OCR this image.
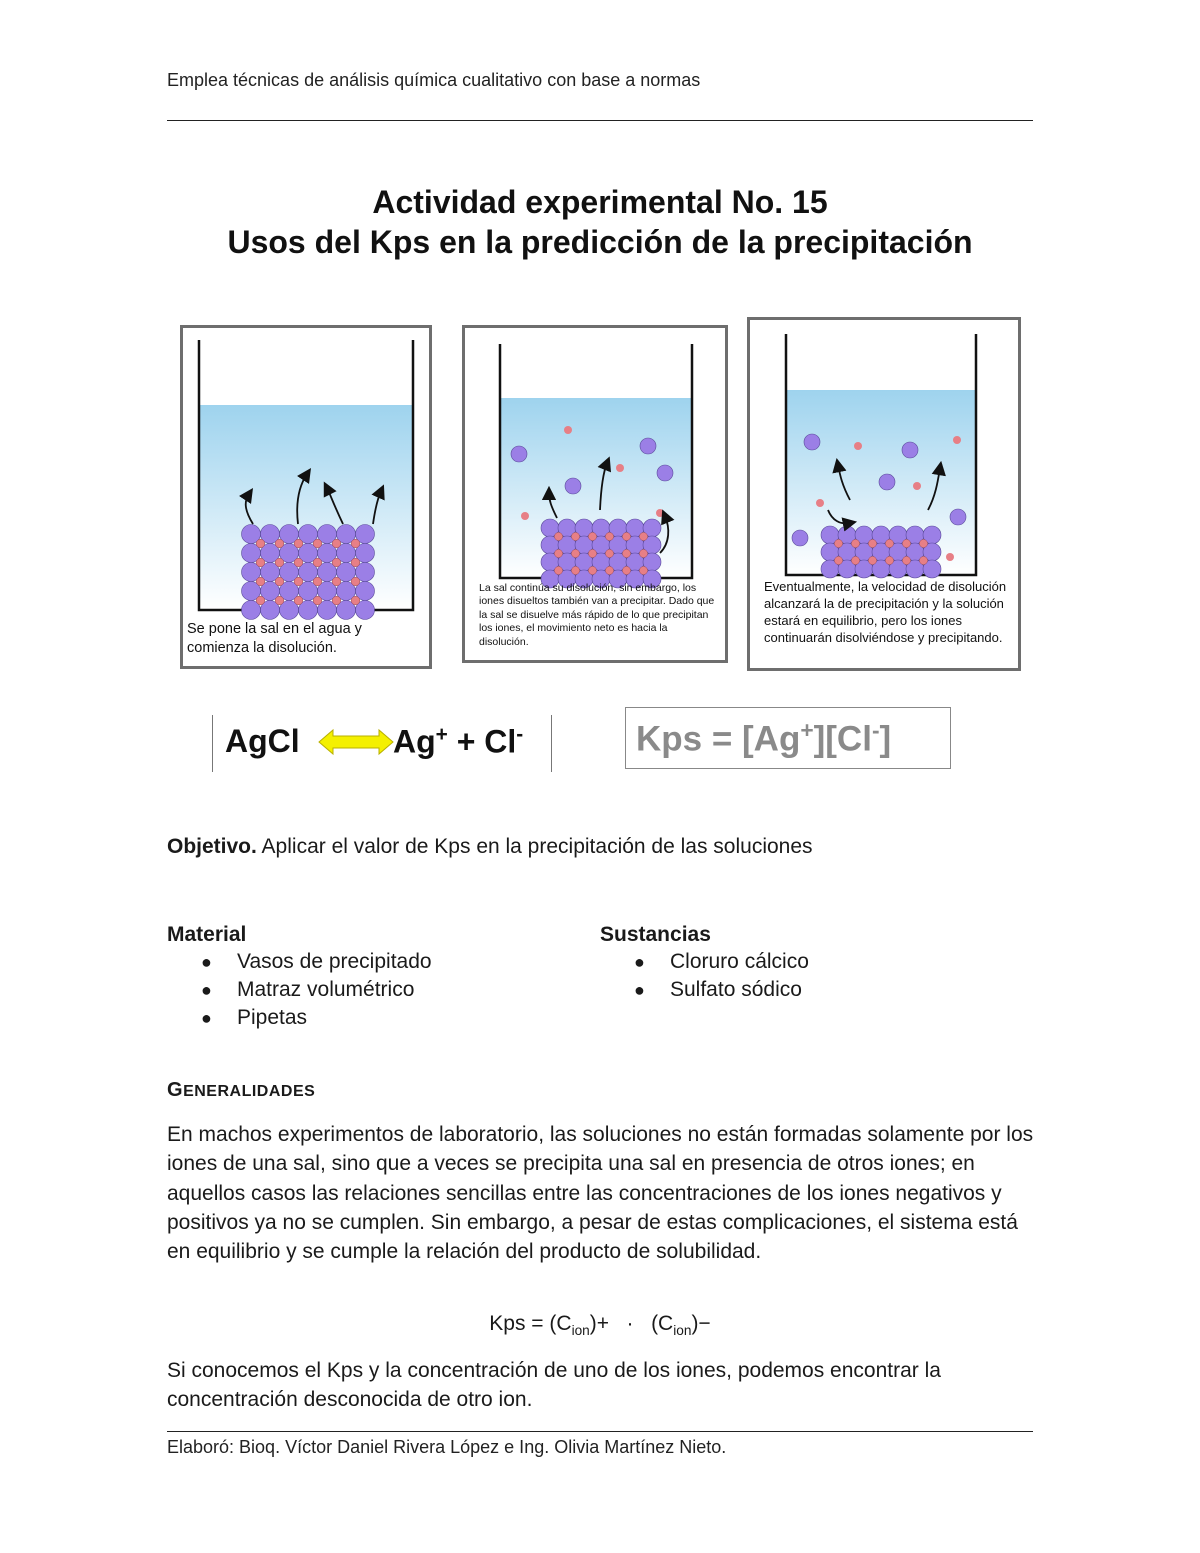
Emplea técnicas de análisis química cualitativo con base a normas
Actividad experimental No. 15
Usos del Kps en la predicción de la precipitación
Se pone la sal en el agua y comienza la disolución.
La sal continúa su disolución, sin embargo, los iones disueltos también van a precipitar. Dado que la sal se disuelve más rápido de lo que precipitan los iones, el movimiento neto es hacia la disolución.
Eventualmente, la velocidad de disolución alcanzará la de precipitación y la solución estará en equilibrio, pero los iones continuarán disolviéndose y precipitando.
AgCl	Ag+ + Cl-	Kps = [Ag+][Cl-]
Objetivo. Aplicar el valor de Kps en la precipitación de las soluciones
Material
● Vasos de precipitado
● Matraz volumétrico
● Pipetas
Sustancias
● Cloruro cálcico
● Sulfato sódico
GENERALIDADES
En machos experimentos de laboratorio, las soluciones no están formadas solamente por los iones de una sal, sino que a veces se precipita una sal en presencia de otros iones; en aquellos casos las relaciones sencillas entre las concentraciones de los iones negativos y positivos ya no se cumplen. Sin embargo, a pesar de estas complicaciones, el sistema está en equilibrio y se cumple la relación del producto de solubilidad.
Kps = $(C_{ion})+ \cdot (C_{ion})-$
Si conocemos el Kps y la concentración de uno de los iones, podemos encontrar la concentración desconocida de otro ion.
Elaboró: Bioq. Víctor Daniel Rivera López e Ing. Olivia Martínez Nieto.
